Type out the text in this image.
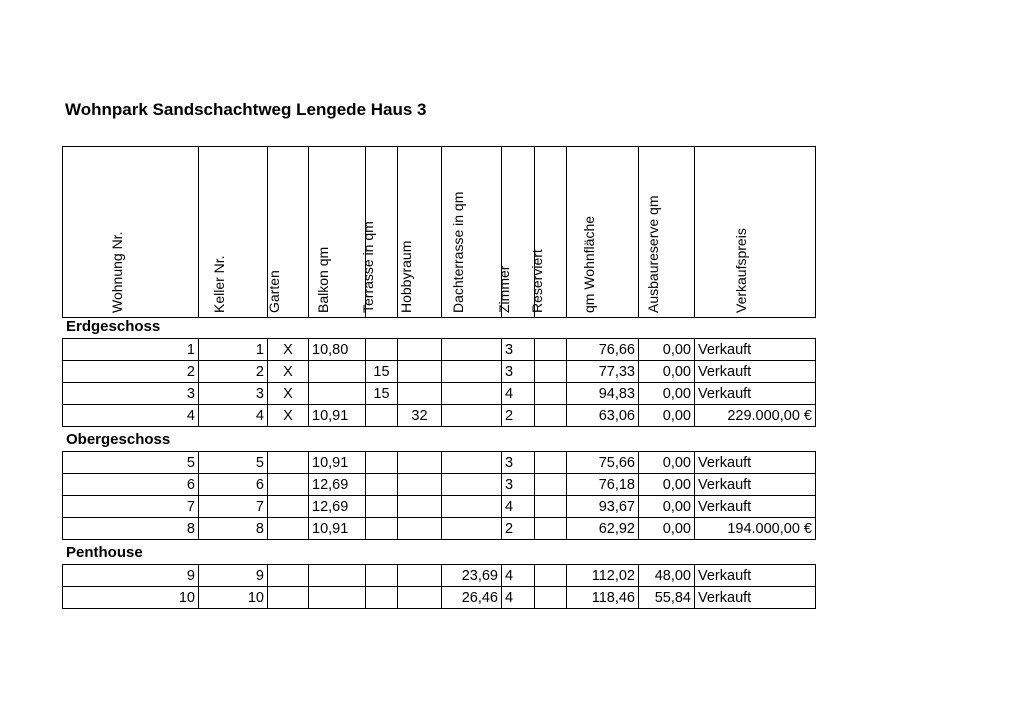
Wohnpark Sandschachtweg Lengede Haus 3
Wohnung Nr.	Keller Nr.	Garten	Balkon qm	Terrasse in qm	Hobbyraum	Dachterrasse in qm	Zimmer	Reserviert	qm Wohnfläche	Ausbaureserve qm	Verkaufspreis
Erdgeschoss
1	1	X	10,80				3		76,66	0,00	Verkauft
2	2	X		15			3		77,33	0,00	Verkauft
3	3	X		15			4		94,83	0,00	Verkauft
4	4	X	10,91		32		2		63,06	0,00	229.000,00 €
Obergeschoss
5	5		10,91				3		75,66	0,00	Verkauft
6	6		12,69				3		76,18	0,00	Verkauft
7	7		12,69				4		93,67	0,00	Verkauft
8	8		10,91				2		62,92	0,00	194.000,00 €
Penthouse
9	9					23,69	4		112,02	48,00	Verkauft
10	10					26,46	4		118,46	55,84	Verkauft
